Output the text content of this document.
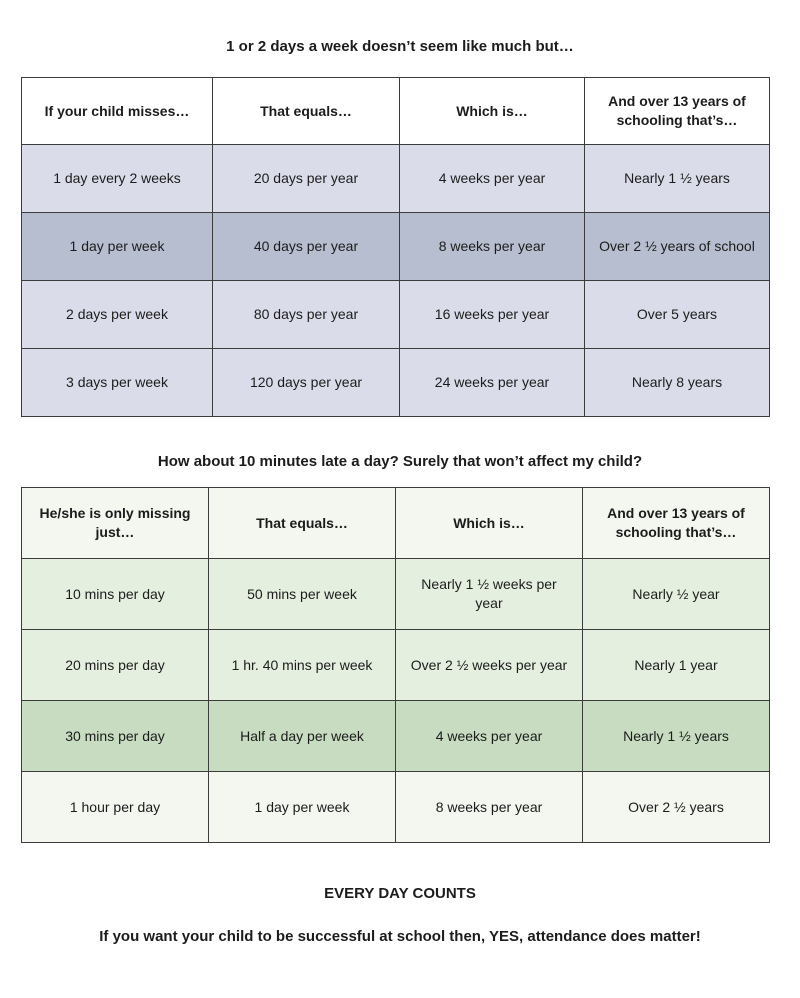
1 or 2 days a week doesn’t seem like much but…
If your child misses…	That equals…	Which is…	And over 13 years of schooling that’s…
1 day every 2 weeks	20 days per year	4 weeks per year	Nearly 1 ½ years
1 day per week	40 days per year	8 weeks per year	Over 2 ½ years of school
2 days per week	80 days per year	16 weeks per year	Over 5 years
3 days per week	120 days per year	24 weeks per year	Nearly 8 years
How about 10 minutes late a day? Surely that won’t affect my child?
He/she is only missing just…	That equals…	Which is…	And over 13 years of schooling that’s…
10 mins per day	50 mins per week	Nearly 1 ½ weeks per year	Nearly ½ year
20 mins per day	1 hr. 40 mins per week	Over 2 ½ weeks per year	Nearly 1 year
30 mins per day	Half a day per week	4 weeks per year	Nearly 1 ½ years
1 hour per day	1 day per week	8 weeks per year	Over 2 ½ years
EVERY DAY COUNTS
If you want your child to be successful at school then, YES, attendance does matter!
